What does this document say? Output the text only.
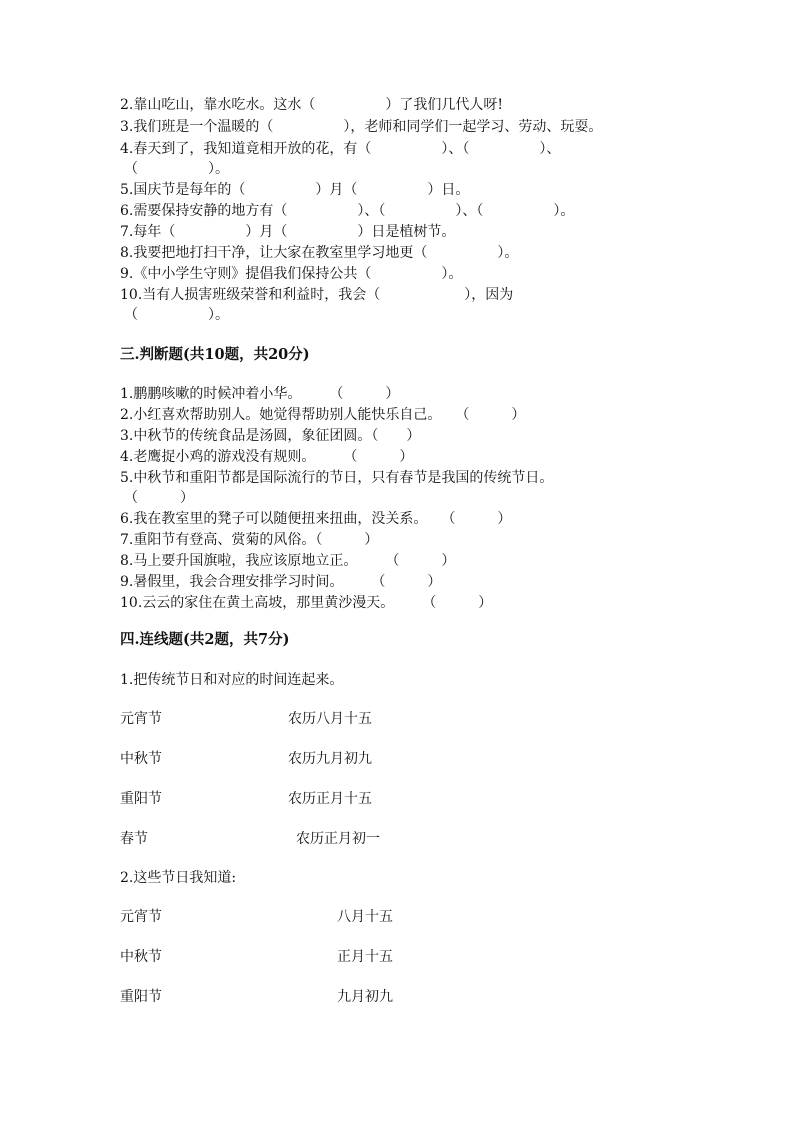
2.靠山吃山，靠水吃水。这水（　　　　　）了我们几代人呀!
3.我们班是一个温暖的（　　　　　），老师和同学们一起学习、劳动、玩耍。
4.春天到了，我知道竟相开放的花，有（　　　　　）、（　　　　　）、
（　　　　　）。
5.国庆节是每年的（　　　　　）月（　　　　　）日。
6.需要保持安静的地方有（　　　　　）、（　　　　　）、（　　　　　）。
7.每年（　　　　　）月（　　　　　）日是植树节。
8.我要把地打扫干净，让大家在教室里学习地更（　　　　　）。
9.《中小学生守则》提倡我们保持公共（　　　　　）。
10.当有人损害班级荣誉和利益时，我会（　　　　　　），因为
（　　　　　）。
三.判断题(共10题，共20分)
1.鹏鹏咳嗽的时候冲着小华。　　　（　　　）
2.小红喜欢帮助别人。她觉得帮助别人能快乐自己。　　（　　　）
3.中秋节的传统食品是汤圆，象征团圆。（　　）
4.老鹰捉小鸡的游戏没有规则。　　　（　　　）
5.中秋节和重阳节都是国际流行的节日，只有春节是我国的传统节日。
（　　　）
6.我在教室里的凳子可以随便扭来扭曲，没关系。　　（　　　）
7.重阳节有登高、赏菊的风俗。（　　　）
8.马上要升国旗啦，我应该原地立正。　　　（　　　）
9.暑假里，我会合理安排学习时间。　　　（　　　）
10.云云的家住在黄土高坡，那里黄沙漫天。　　　（　　　）
四.连线题(共2题，共7分)
1.把传统节日和对应的时间连起来。
元宵节	农历八月十五
中秋节	农历九月初九
重阳节	农历正月十五
春节	农历正月初一
2.这些节日我知道:
元宵节	八月十五
中秋节	正月十五
重阳节	九月初九
